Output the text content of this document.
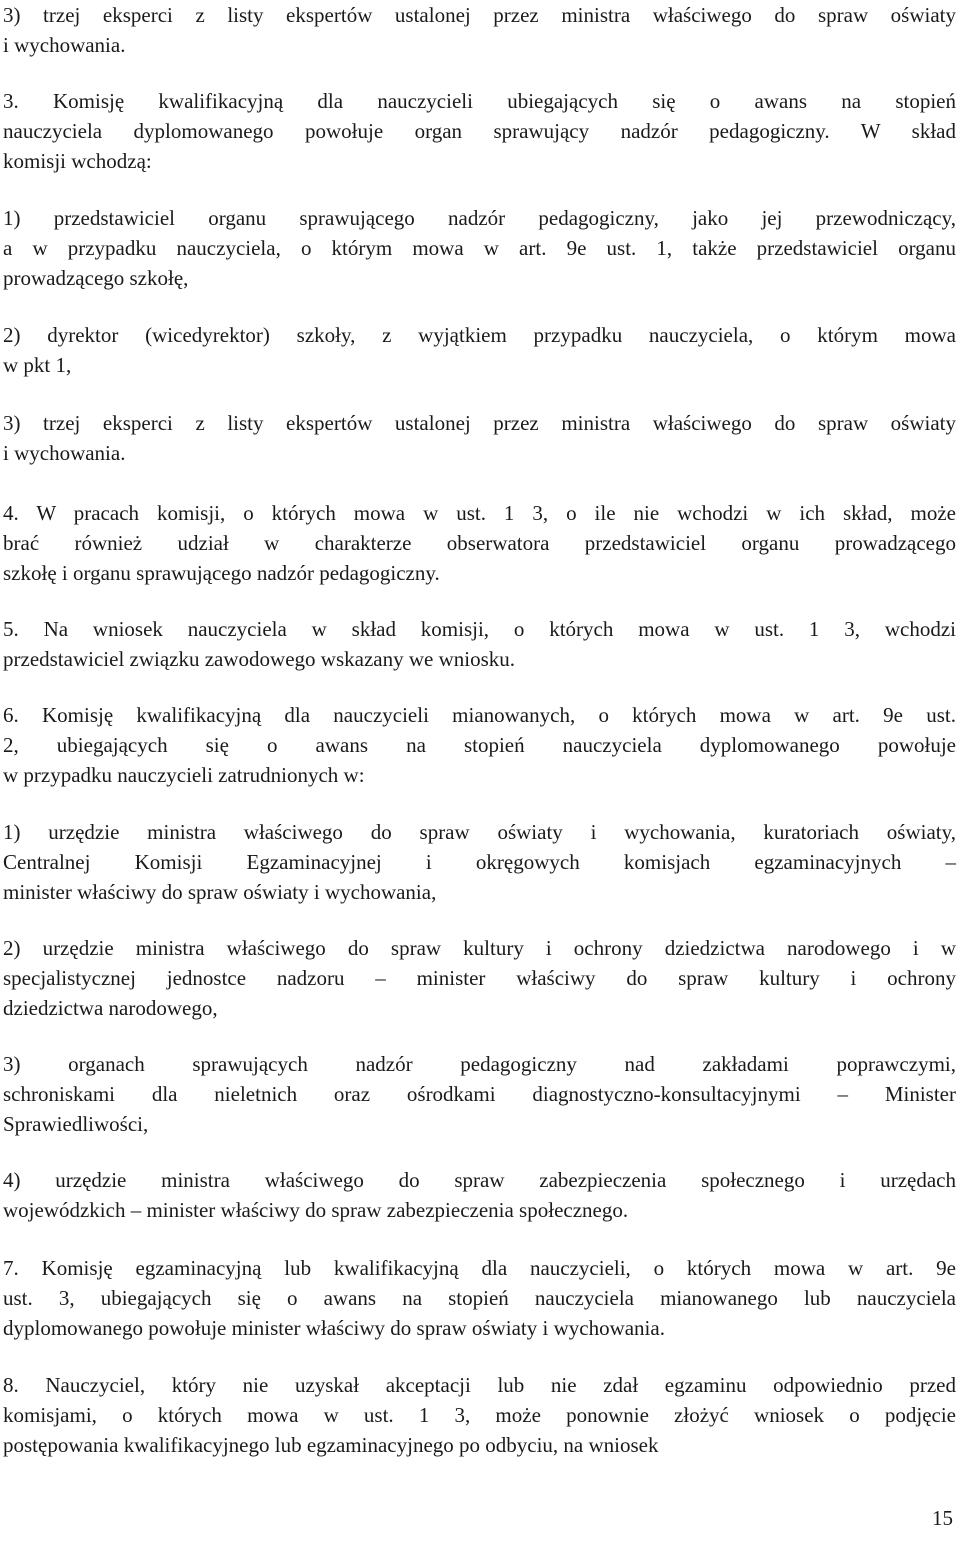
3) trzej eksperci z listy ekspertów ustalonej przez ministra właściwego do spraw oświaty
i wychowania.

3. Komisję kwalifikacyjną dla nauczycieli ubiegających się o awans na stopień
nauczyciela dyplomowanego powołuje organ sprawujący nadzór pedagogiczny. W skład
komisji wchodzą:

1) przedstawiciel organu sprawującego nadzór pedagogiczny, jako jej przewodniczący,
a w przypadku nauczyciela, o którym mowa w art. 9e ust. 1, także przedstawiciel organu
prowadzącego szkołę,

2) dyrektor (wicedyrektor) szkoły, z wyjątkiem przypadku nauczyciela, o którym mowa
w pkt 1,

3) trzej eksperci z listy ekspertów ustalonej przez ministra właściwego do spraw oświaty
i wychowania.

4. W pracach komisji, o których mowa w ust. 1 3, o ile nie wchodzi w ich skład, może
brać również udział w charakterze obserwatora przedstawiciel organu prowadzącego
szkołę i organu sprawującego nadzór pedagogiczny.

5. Na wniosek nauczyciela w skład komisji, o których mowa w ust. 1 3, wchodzi
przedstawiciel związku zawodowego wskazany we wniosku.

6. Komisję kwalifikacyjną dla nauczycieli mianowanych, o których mowa w art. 9e ust.
2, ubiegających się o awans na stopień nauczyciela dyplomowanego powołuje
w przypadku nauczycieli zatrudnionych w:

1) urzędzie ministra właściwego do spraw oświaty i wychowania, kuratoriach oświaty,
Centralnej Komisji Egzaminacyjnej i okręgowych komisjach egzaminacyjnych –
minister właściwy do spraw oświaty i wychowania,

2) urzędzie ministra właściwego do spraw kultury i ochrony dziedzictwa narodowego i w
specjalistycznej jednostce nadzoru – minister właściwy do spraw kultury i ochrony
dziedzictwa narodowego,

3) organach sprawujących nadzór pedagogiczny nad zakładami poprawczymi,
schroniskami dla nieletnich oraz ośrodkami diagnostyczno-konsultacyjnymi – Minister
Sprawiedliwości,

4) urzędzie ministra właściwego do spraw zabezpieczenia społecznego i urzędach
wojewódzkich – minister właściwy do spraw zabezpieczenia społecznego.

7. Komisję egzaminacyjną lub kwalifikacyjną dla nauczycieli, o których mowa w art. 9e
ust. 3, ubiegających się o awans na stopień nauczyciela mianowanego lub nauczyciela
dyplomowanego powołuje minister właściwy do spraw oświaty i wychowania.

8. Nauczyciel, który nie uzyskał akceptacji lub nie zdał egzaminu odpowiednio przed
komisjami, o których mowa w ust. 1 3, może ponownie złożyć wniosek o podjęcie
postępowania kwalifikacyjnego lub egzaminacyjnego po odbyciu, na wniosek

15
